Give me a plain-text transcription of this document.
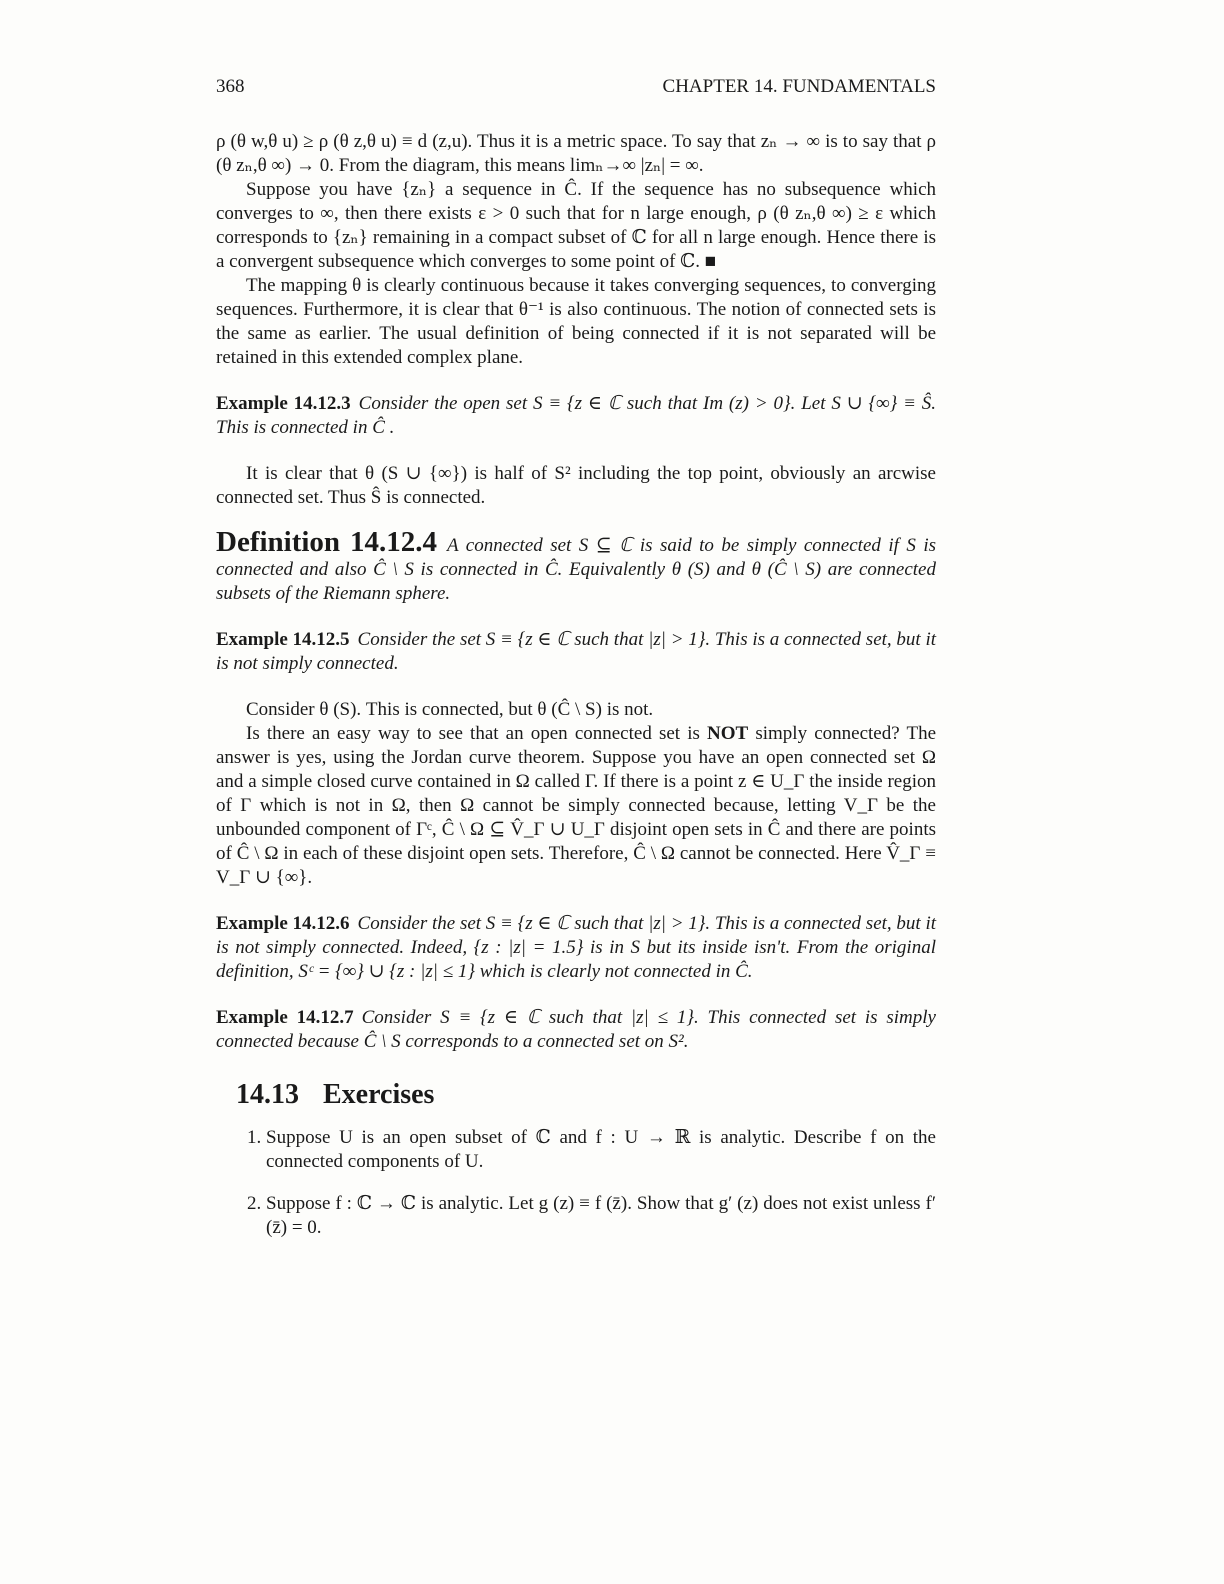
368	CHAPTER 14. FUNDAMENTALS

ρ (θ w,θ u) ≥ ρ (θ z,θ u) ≡ d (z,u). Thus it is a metric space. To say that zₙ → ∞ is to say that ρ (θ zₙ,θ ∞) → 0. From the diagram, this means limₙ→∞ |zₙ| = ∞.

Suppose you have {zₙ} a sequence in Ĉ. If the sequence has no subsequence which converges to ∞, then there exists ε > 0 such that for n large enough, ρ (θ zₙ,θ ∞) ≥ ε which corresponds to {zₙ} remaining in a compact subset of ℂ for all n large enough. Hence there is a convergent subsequence which converges to some point of ℂ. ■

The mapping θ is clearly continuous because it takes converging sequences, to converging sequences. Furthermore, it is clear that θ⁻¹ is also continuous. The notion of connected sets is the same as earlier. The usual definition of being connected if it is not separated will be retained in this extended complex plane.

Example 14.12.3 Consider the open set S ≡ {z ∈ ℂ such that Im (z) > 0}. Let S ∪ {∞} ≡ Ŝ. This is connected in Ĉ .

It is clear that θ (S ∪ {∞}) is half of S² including the top point, obviously an arcwise connected set. Thus Ŝ is connected.

Definition 14.12.4 A connected set S ⊆ ℂ is said to be simply connected if S is connected and also Ĉ \ S is connected in Ĉ. Equivalently θ (S) and θ (Ĉ \ S) are connected subsets of the Riemann sphere.

Example 14.12.5 Consider the set S ≡ {z ∈ ℂ such that |z| > 1}. This is a connected set, but it is not simply connected.

Consider θ (S). This is connected, but θ (Ĉ \ S) is not.

Is there an easy way to see that an open connected set is NOT simply connected? The answer is yes, using the Jordan curve theorem. Suppose you have an open connected set Ω and a simple closed curve contained in Ω called Γ. If there is a point z ∈ U_Γ the inside region of Γ which is not in Ω, then Ω cannot be simply connected because, letting V_Γ be the unbounded component of Γᶜ, Ĉ \ Ω ⊆ V̂_Γ ∪ U_Γ disjoint open sets in Ĉ and there are points of Ĉ \ Ω in each of these disjoint open sets. Therefore, Ĉ \ Ω cannot be connected. Here V̂_Γ ≡ V_Γ ∪ {∞}.

Example 14.12.6 Consider the set S ≡ {z ∈ ℂ such that |z| > 1}. This is a connected set, but it is not simply connected. Indeed, {z : |z| = 1.5} is in S but its inside isn't. From the original definition, Sᶜ = {∞} ∪ {z : |z| ≤ 1} which is clearly not connected in Ĉ.

Example 14.12.7 Consider S ≡ {z ∈ ℂ such that |z| ≤ 1}. This connected set is simply connected because Ĉ \ S corresponds to a connected set on S².

14.13 Exercises
1. Suppose U is an open subset of ℂ and f : U → ℝ is analytic. Describe f on the connected components of U.
2. Suppose f : ℂ → ℂ is analytic. Let g (z) ≡ f (z̄). Show that g′ (z) does not exist unless f′ (z̄) = 0.
